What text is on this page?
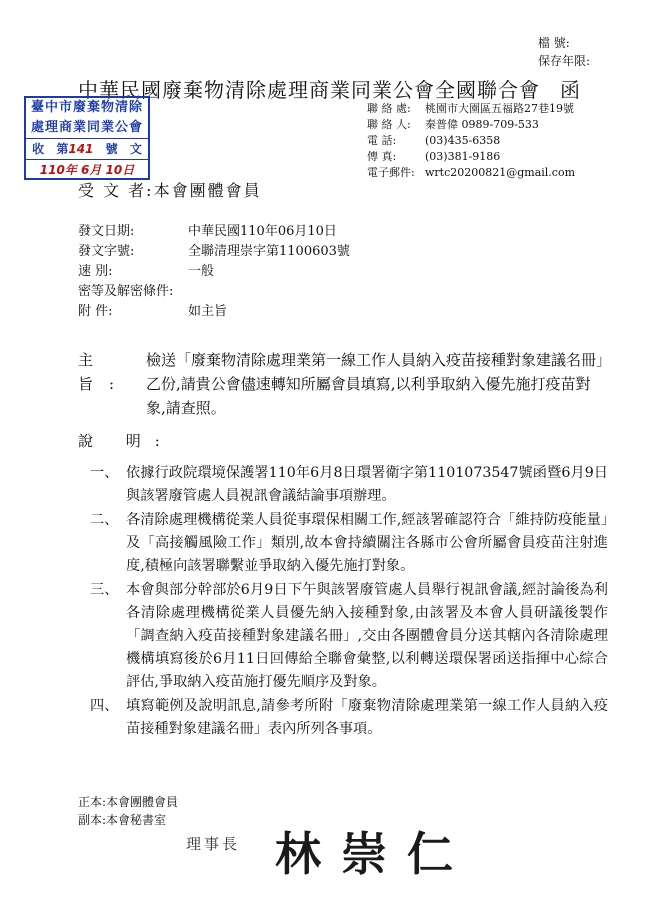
檔 號:
保存年限:
中華民國廢棄物清除處理商業同業公會全國聯合會 函
臺中市廢棄物清除
處理商業同業公會
收 第141 號 文
110年 6月 10日
聯 絡 處:	桃園市大園區五福路27巷19號
聯 絡 人:	秦普偉 0989-709-533
電 話:	(03)435-6358
傳 真:	(03)381-9186
電子郵件: wrtc20200821@gmail.com
受 文 者:本會團體會員
發文日期:	中華民國110年06月10日
發文字號:	全聯清理崇字第1100603號
速 別:	一般
密等及解密條件:
附 件:	如主旨
主 旨:
檢送「廢棄物清除處理業第一線工作人員納入疫苗接種對象建議名冊」乙份,請貴公會儘速轉知所屬會員填寫,以利爭取納入優先施打疫苗對象,請查照。
說 明:
一、 依據行政院環境保護署110年6月8日環署衛字第1101073547號函暨6月9日與該署廢管處人員視訊會議結論事項辦理。
二、 各清除處理機構從業人員從事環保相關工作,經該署確認符合「維持防疫能量」及「高接觸風險工作」類別,故本會持續關注各縣市公會所屬會員疫苗注射進度,積極向該署聯繫並爭取納入優先施打對象。
三、 本會與部分幹部於6月9日下午與該署廢管處人員舉行視訊會議,經討論後為利各清除處理機構從業人員優先納入接種對象,由該署及本會人員研議後製作「調查納入疫苗接種對象建議名冊」,交由各團體會員分送其轄內各清除處理機構填寫後於6月11日回傳給全聯會彙整,以利轉送環保署函送指揮中心綜合評估,爭取納入疫苗施打優先順序及對象。
四、 填寫範例及說明訊息,請參考所附「廢棄物清除處理業第一線工作人員納入疫苗接種對象建議名冊」表內所列各事項。
正本:本會團體會員
副本:本會秘書室
理事長 林崇仁
